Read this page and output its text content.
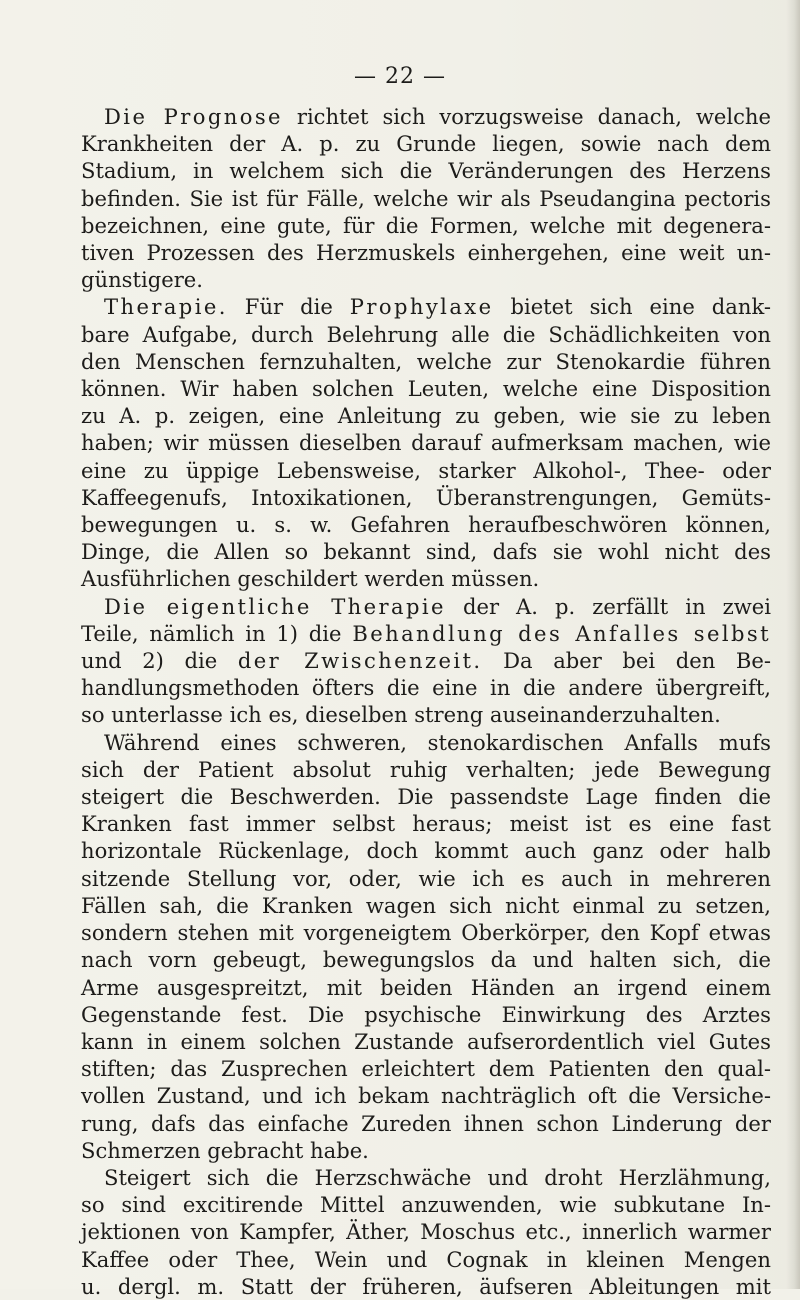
— 22 —

Die Prognose richtet sich vorzugsweise danach, welche
Krankheiten der A. p. zu Grunde liegen, sowie nach dem
Stadium, in welchem sich die Veränderungen des Herzens
befinden. Sie ist für Fälle, welche wir als Pseudangina pectoris
bezeichnen, eine gute, für die Formen, welche mit degenera-
tiven Prozessen des Herzmuskels einhergehen, eine weit un-
günstigere.

Therapie. Für die Prophylaxe bietet sich eine dank-
bare Aufgabe, durch Belehrung alle die Schädlichkeiten von
den Menschen fernzuhalten, welche zur Stenokardie führen
können. Wir haben solchen Leuten, welche eine Disposition
zu A. p. zeigen, eine Anleitung zu geben, wie sie zu leben
haben; wir müssen dieselben darauf aufmerksam machen, wie
eine zu üppige Lebensweise, starker Alkohol-, Thee- oder
Kaffeegenufs, Intoxikationen, Überanstrengungen, Gemüts-
bewegungen u. s. w. Gefahren heraufbeschwören können,
Dinge, die Allen so bekannt sind, dafs sie wohl nicht des
Ausführlichen geschildert werden müssen.

Die eigentliche Therapie der A. p. zerfällt in zwei
Teile, nämlich in 1) die Behandlung des Anfalles selbst
und 2) die der Zwischenzeit. Da aber bei den Be-
handlungsmethoden öfters die eine in die andere übergreift,
so unterlasse ich es, dieselben streng auseinanderzuhalten.

Während eines schweren, stenokardischen Anfalls mufs
sich der Patient absolut ruhig verhalten; jede Bewegung
steigert die Beschwerden. Die passendste Lage finden die
Kranken fast immer selbst heraus; meist ist es eine fast
horizontale Rückenlage, doch kommt auch ganz oder halb
sitzende Stellung vor, oder, wie ich es auch in mehreren
Fällen sah, die Kranken wagen sich nicht einmal zu setzen,
sondern stehen mit vorgeneigtem Oberkörper, den Kopf etwas
nach vorn gebeugt, bewegungslos da und halten sich, die
Arme ausgespreitzt, mit beiden Händen an irgend einem
Gegenstande fest. Die psychische Einwirkung des Arztes
kann in einem solchen Zustande aufserordentlich viel Gutes
stiften; das Zusprechen erleichtert dem Patienten den qual-
vollen Zustand, und ich bekam nachträglich oft die Versiche-
rung, dafs das einfache Zureden ihnen schon Linderung der
Schmerzen gebracht habe.

Steigert sich die Herzschwäche und droht Herzlähmung,
so sind excitirende Mittel anzuwenden, wie subkutane In-
jektionen von Kampfer, Äther, Moschus etc., innerlich warmer
Kaffee oder Thee, Wein und Cognak in kleinen Mengen
u. dergl. m. Statt der früheren, äufseren Ableitungen mit
